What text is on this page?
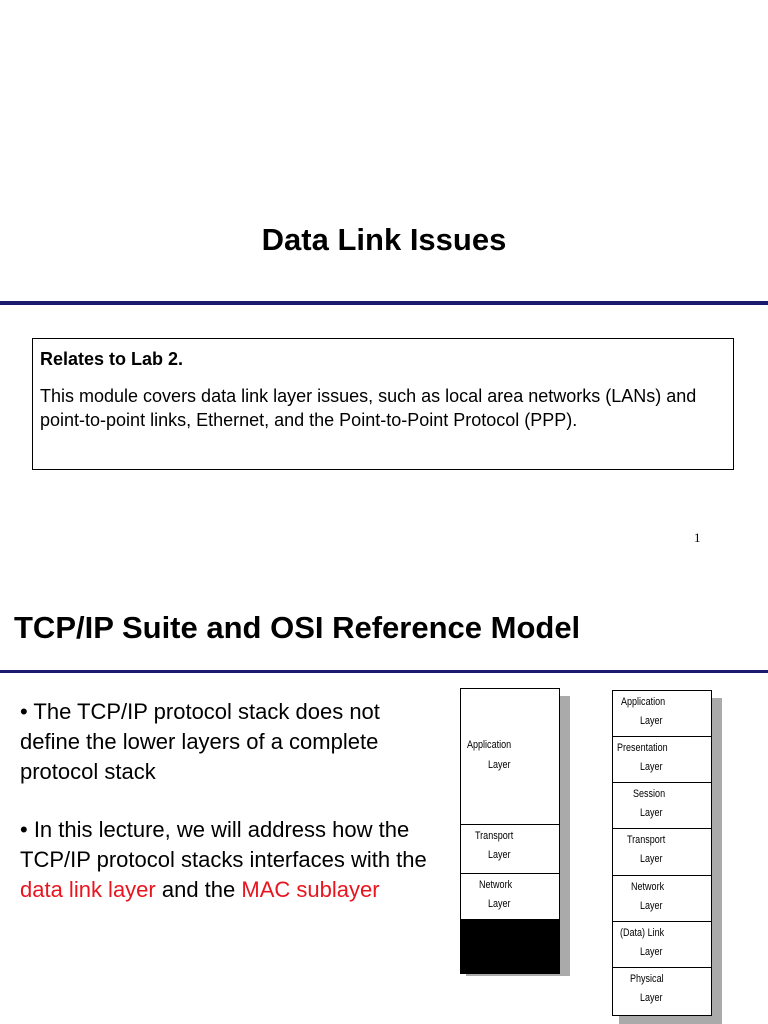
Data Link Issues
Relates to Lab 2.
This module covers data link layer issues, such as local area networks (LANs) and point-to-point links, Ethernet, and the Point-to-Point Protocol (PPP).
1
TCP/IP Suite and OSI Reference Model
• The TCP/IP protocol stack does not define the lower layers of a complete protocol stack
• In this lecture, we will address how the TCP/IP protocol stacks interfaces with the data link layer and the MAC sublayer
Application
Layer
Transport
Layer
Network
Layer
Application
Layer
Presentation
Layer
Session
Layer
Transport
Layer
Network
Layer
(Data) Link
Layer
Physical
Layer
